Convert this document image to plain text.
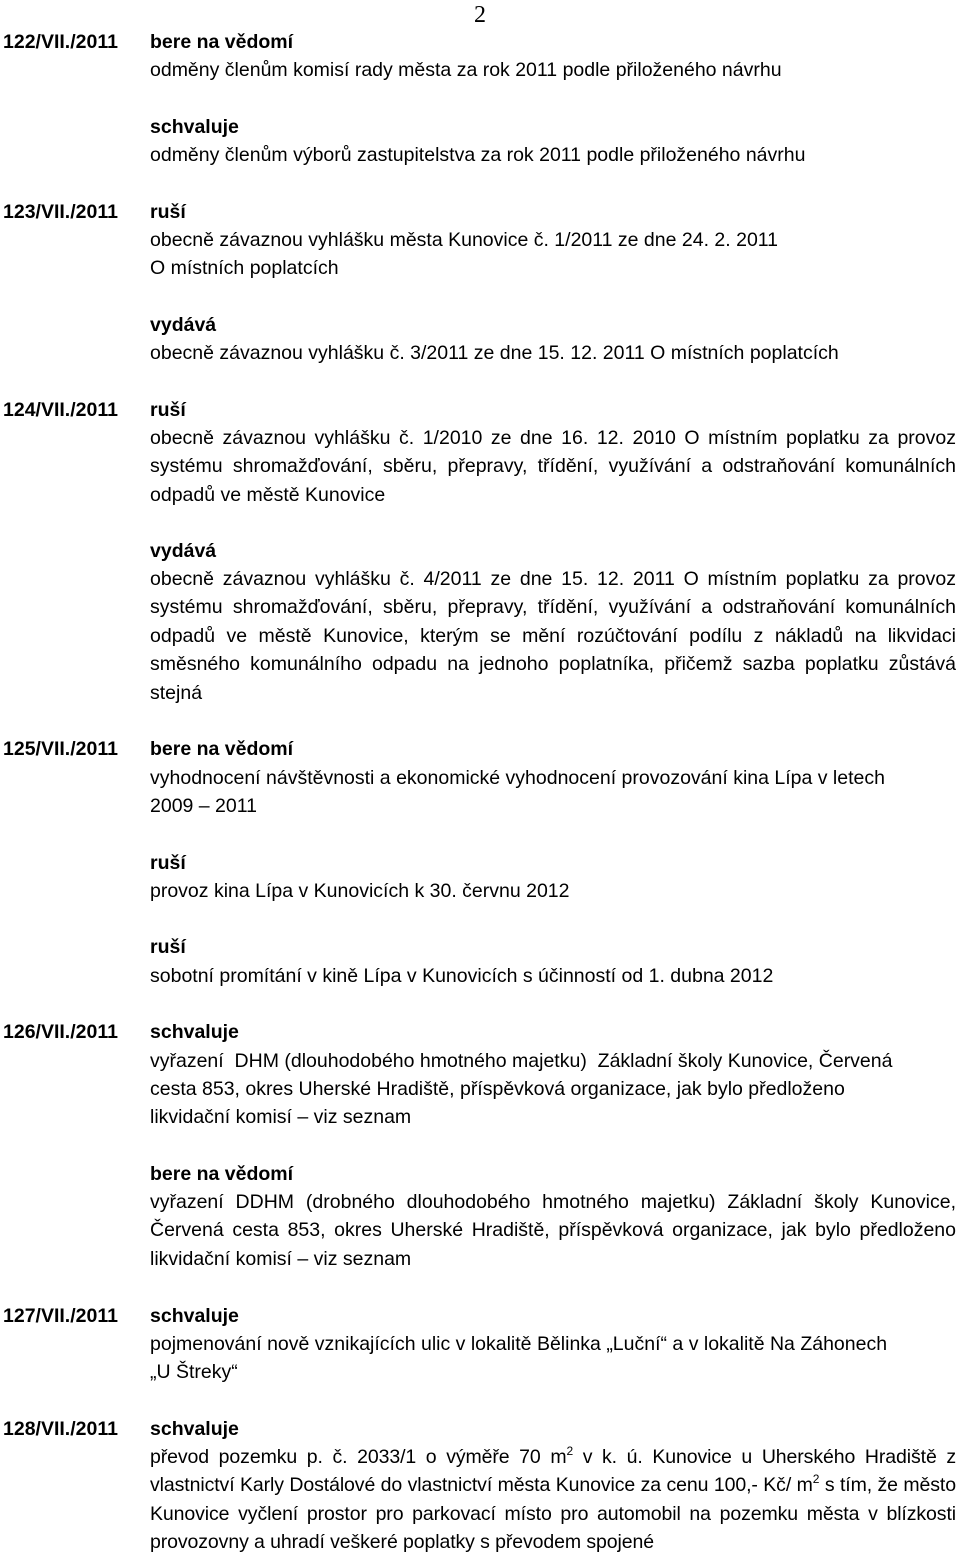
2
122/VII./2011 bere na vědomí
odměny členům komisí rady města za rok 2011 podle přiloženého návrhu
schvaluje
odměny členům výborů zastupitelstva za rok 2011 podle přiloženého návrhu
123/VII./2011 ruší
obecně závaznou vyhlášku města Kunovice č. 1/2011 ze dne 24. 2. 2011
O místních poplatcích
vydává
obecně závaznou vyhlášku č. 3/2011 ze dne 15. 12. 2011 O místních poplatcích
124/VII./2011 ruší
obecně závaznou vyhlášku č. 1/2010 ze dne 16. 12. 2010 O místním poplatku za provoz systému shromažďování, sběru, přepravy, třídění, využívání a odstraňování komunálních odpadů ve městě Kunovice
vydává
obecně závaznou vyhlášku č. 4/2011 ze dne 15. 12. 2011 O místním poplatku za provoz systému shromažďování, sběru, přepravy, třídění, využívání a odstraňování komunálních odpadů ve městě Kunovice, kterým se mění rozúčtování podílu z nákladů na likvidaci směsného komunálního odpadu na jednoho poplatníka, přičemž sazba poplatku zůstává stejná
125/VII./2011 bere na vědomí
vyhodnocení návštěvnosti a ekonomické vyhodnocení provozování kina Lípa v letech
2009 – 2011
ruší
provoz kina Lípa v Kunovicích k 30. červnu 2012
ruší
sobotní promítání v kině Lípa v Kunovicích s účinností od 1. dubna 2012
126/VII./2011 schvaluje
vyřazení  DHM (dlouhodobého hmotného majetku)  Základní školy Kunovice, Červená
cesta 853, okres Uherské Hradiště, příspěvková organizace, jak bylo předloženo
likvidační komisí – viz seznam
bere na vědomí
vyřazení DDHM (drobného dlouhodobého hmotného majetku) Základní školy Kunovice, Červená cesta 853, okres Uherské Hradiště, příspěvková organizace, jak bylo předloženo likvidační komisí – viz seznam
127/VII./2011 schvaluje
pojmenování nově vznikajících ulic v lokalitě Bělinka „Luční“ a v lokalitě Na Záhonech
„U Štreky“
128/VII./2011 schvaluje
převod pozemku p. č. 2033/1 o výměře 70 $m^2$ v k. ú. Kunovice u Uherského Hradiště z vlastnictví Karly Dostálové do vlastnictví města Kunovice za cenu 100,- Kč/ $m^2$ s tím, že město Kunovice vyčlení prostor pro parkovací místo pro automobil na pozemku města v blízkosti provozovny a uhradí veškeré poplatky s převodem spojené
